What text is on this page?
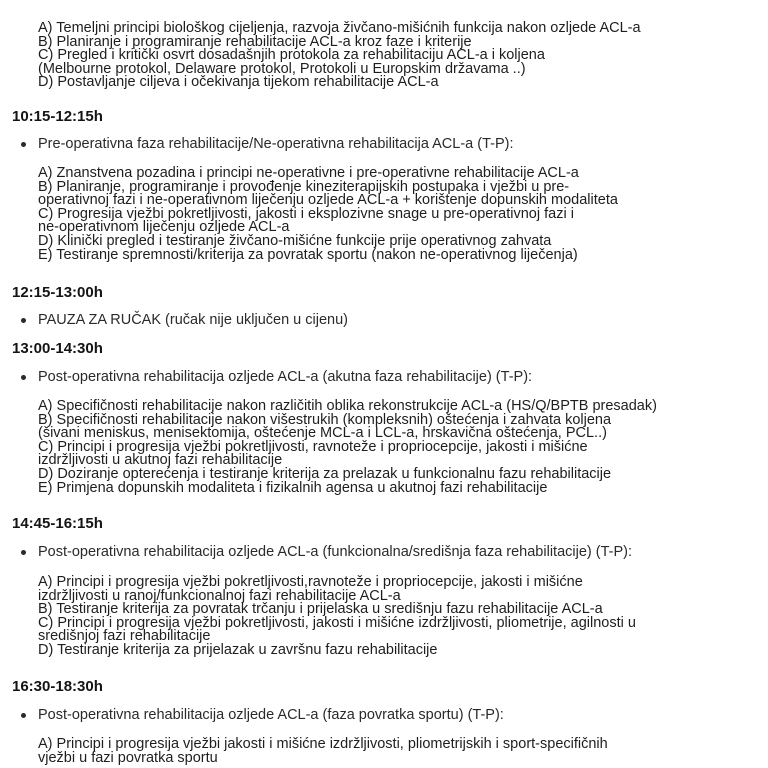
A) Temeljni principi biološkog cijeljenja, razvoja živčano-mišićnih funkcija nakon ozljede ACL-a
B) Planiranje i programiranje rehabilitacije ACL-a kroz faze i kriterije
C) Pregled i kritički osvrt dosadašnjih protokola za rehabilitaciju ACL-a i koljena
(Melbourne protokol, Delaware protokol, Protokoli u Europskim državama ..)
D) Postavljanje ciljeva i očekivanja tijekom rehabilitacije ACL-a
10:15-12:15h
Pre-operativna faza rehabilitacije/Ne-operativna rehabilitacija ACL-a (T-P):
A) Znanstvena pozadina i principi ne-operativne i pre-operativne rehabilitacije ACL-a
B) Planiranje, programiranje i provođenje kineziterapijskih postupaka i vježbi u pre-
operativnoj fazi i ne-operativnom liječenju ozljede ACL-a + korištenje dopunskih modaliteta
C) Progresija vježbi pokretljivosti, jakosti i eksplozivne snage u pre-operativnoj fazi i
ne-operativnom liječenju ozljede ACL-a
D) Klinički pregled i testiranje živčano-mišićne funkcije prije operativnog zahvata
E) Testiranje spremnosti/kriterija za povratak sportu (nakon ne-operativnog liječenja)
12:15-13:00h
PAUZA ZA RUČAK (ručak nije uključen u cijenu)
13:00-14:30h
Post-operativna rehabilitacija ozljede ACL-a (akutna faza rehabilitacije) (T-P):
A) Specifičnosti rehabilitacije nakon različitih oblika rekonstrukcije ACL-a (HS/Q/BPTB presadak)
B) Specifičnosti rehabilitacije nakon višestrukih (kompleksnih) oštećenja i zahvata koljena
(šivani meniskus, menisektomija, oštećenje MCL-a i LCL-a, hrskavična oštećenja, PCL..)
C) Principi i progresija vježbi pokretljivosti, ravnoteže i propriocepcije, jakosti i mišićne
izdržljivosti u akutnoj fazi rehabilitacije
D) Doziranje opterećenja i testiranje kriterija za prelazak u funkcionalnu fazu rehabilitacije
E) Primjena dopunskih modaliteta i fizikalnih agensa u akutnoj fazi rehabilitacije
14:45-16:15h
Post-operativna rehabilitacija ozljede ACL-a (funkcionalna/središnja faza rehabilitacije) (T-P):
A) Principi i progresija vježbi pokretljivosti,ravnoteže i propriocepcije, jakosti i mišićne
izdržljivosti u ranoj/funkcionalnoj fazi rehabilitacije ACL-a
B) Testiranje kriterija za povratak trčanju i prijelaska u središnju fazu rehabilitacije ACL-a
C) Principi i progresija vježbi pokretljivosti, jakosti i mišićne izdržljivosti, pliometrije, agilnosti u
središnjoj fazi rehabilitacije
D) Testiranje kriterija za prijelazak u završnu fazu rehabilitacije
16:30-18:30h
Post-operativna rehabilitacija ozljede ACL-a (faza povratka sportu) (T-P):
A) Principi i progresija vježbi jakosti i mišićne izdržljivosti, pliometrijskih i sport-specifičnih
vježbi u fazi povratka sportu
